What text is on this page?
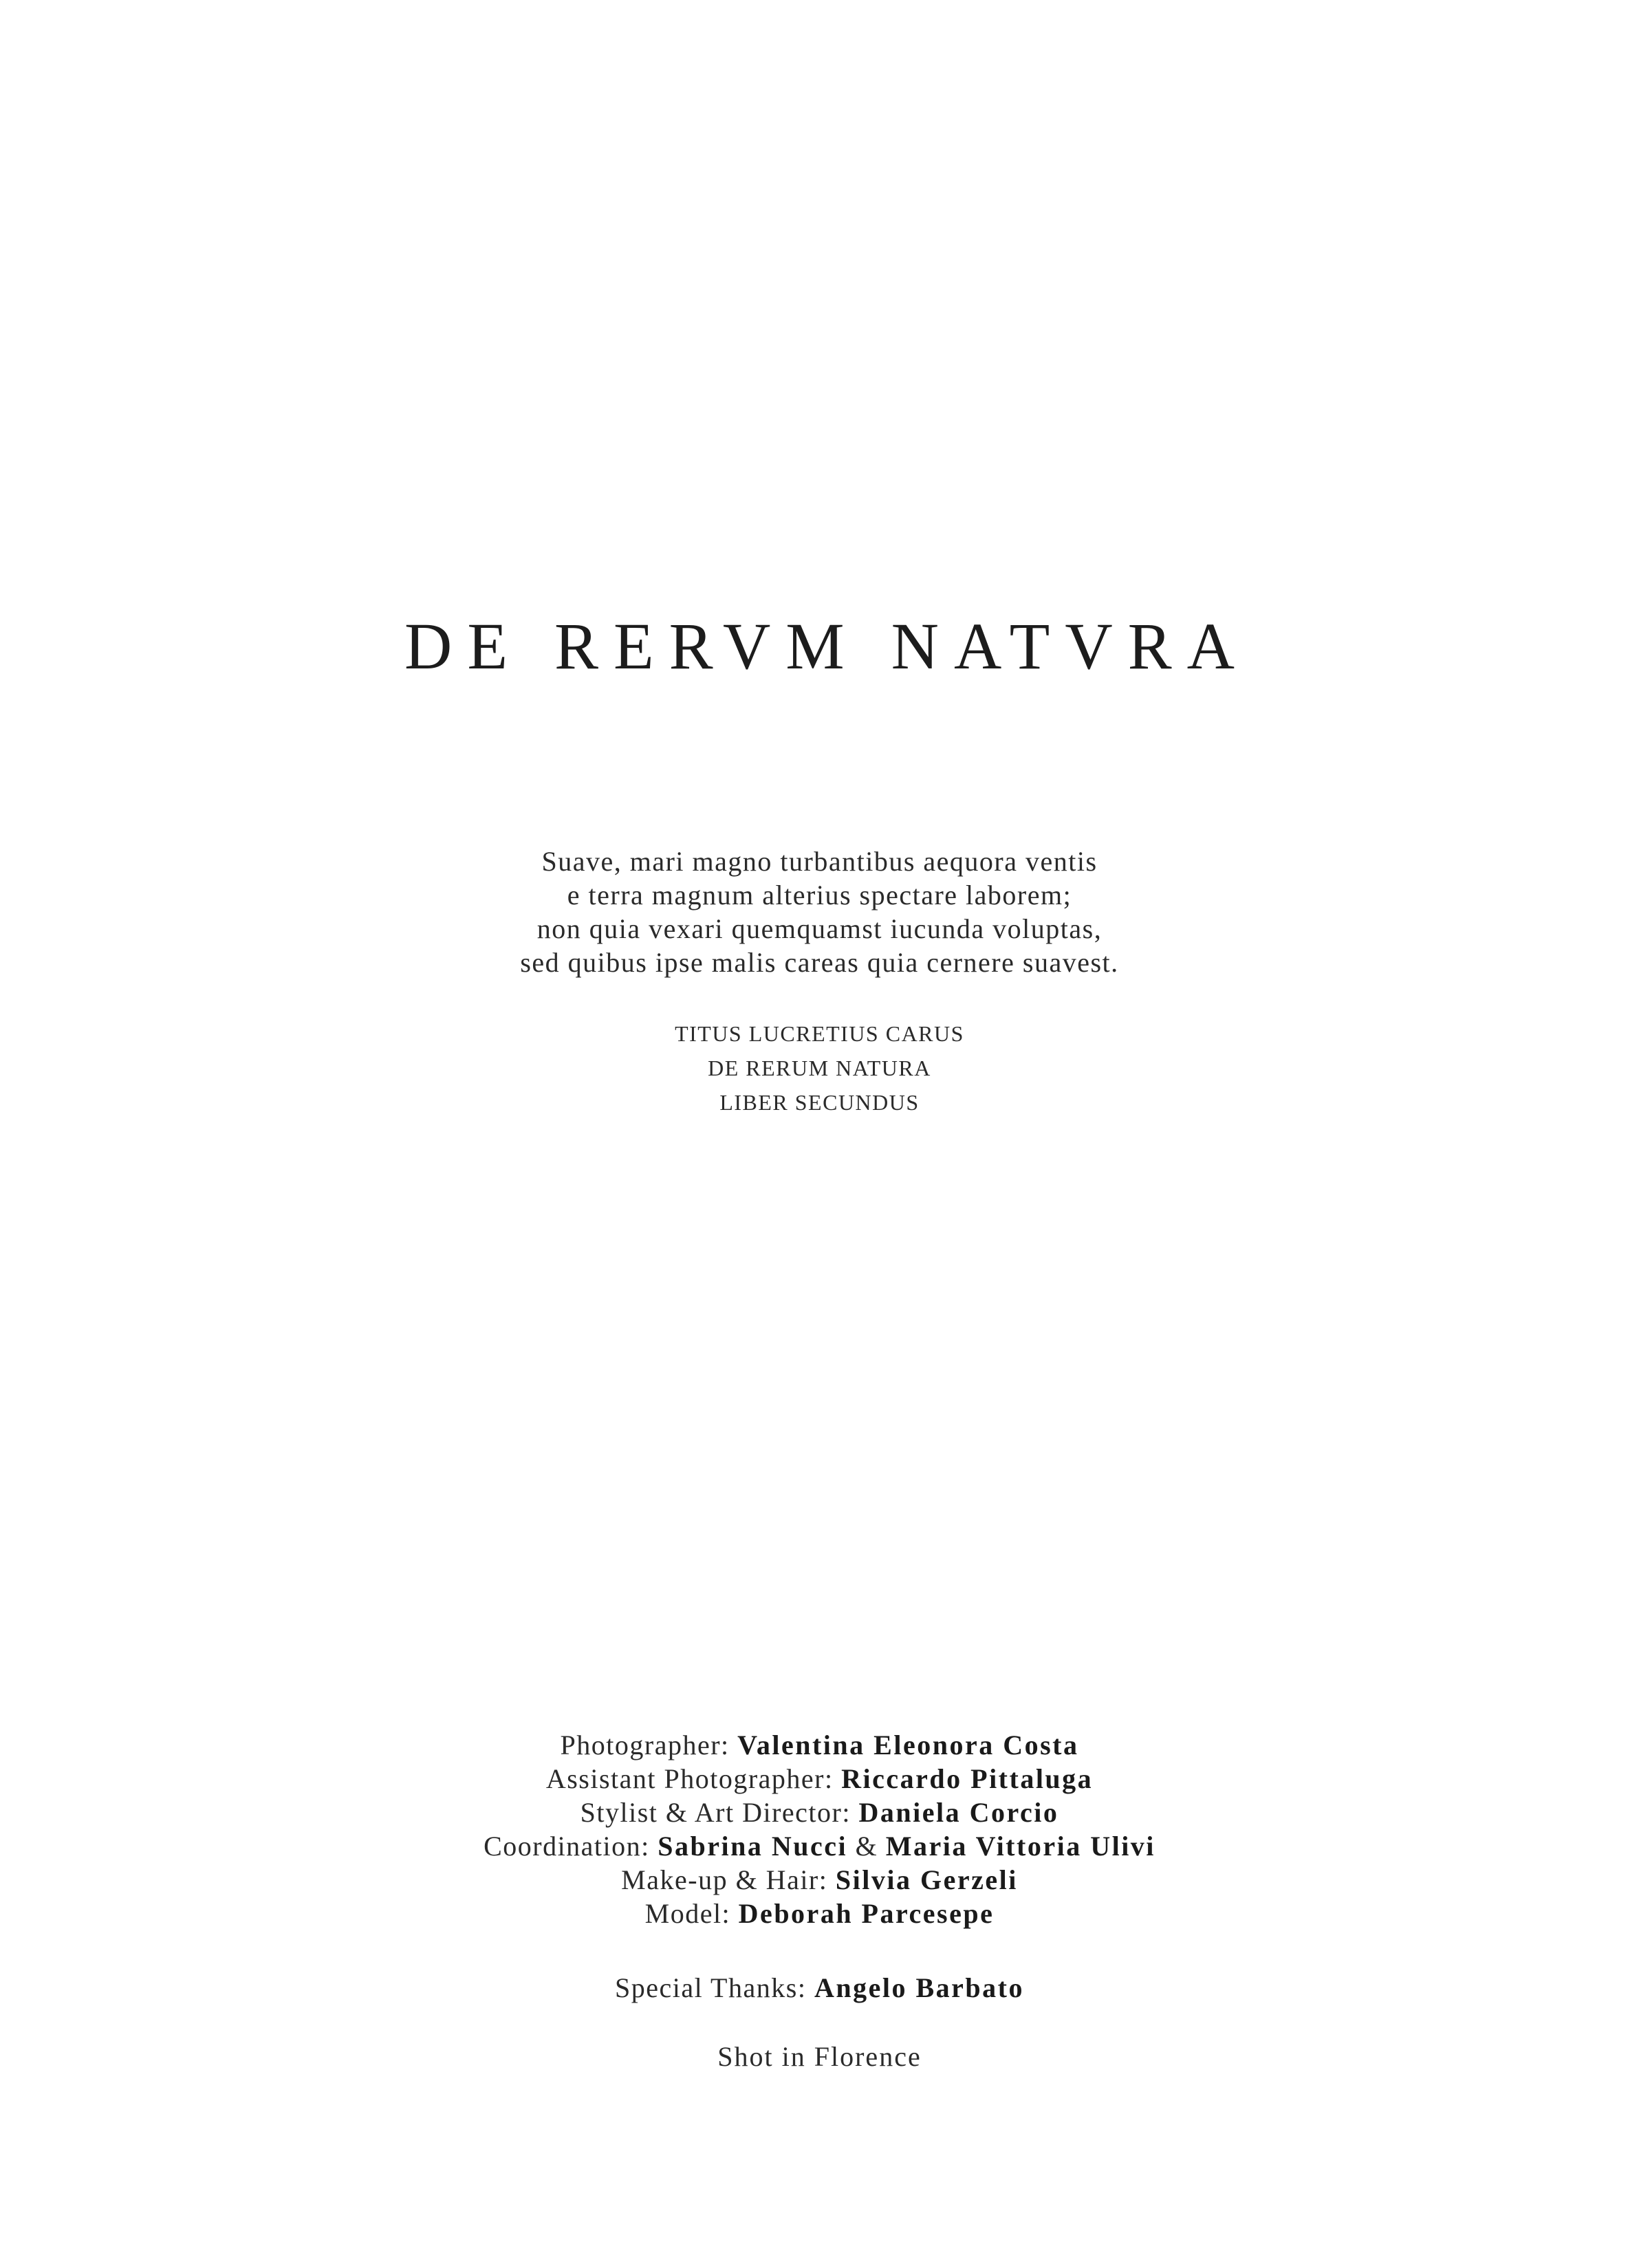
DE RERVM NATVRA
Suave, mari magno turbantibus aequora ventis
e terra magnum alterius spectare laborem;
non quia vexari quemquamst iucunda voluptas,
sed quibus ipse malis careas quia cernere suavest.
TITUS LUCRETIUS CARUS
DE RERUM NATURA
LIBER SECUNDUS
Photographer: Valentina Eleonora Costa
Assistant Photographer: Riccardo Pittaluga
Stylist & Art Director: Daniela Corcio
Coordination: Sabrina Nucci & Maria Vittoria Ulivi
Make-up & Hair: Silvia Gerzeli
Model: Deborah Parcesepe
Special Thanks: Angelo Barbato
Shot in Florence
